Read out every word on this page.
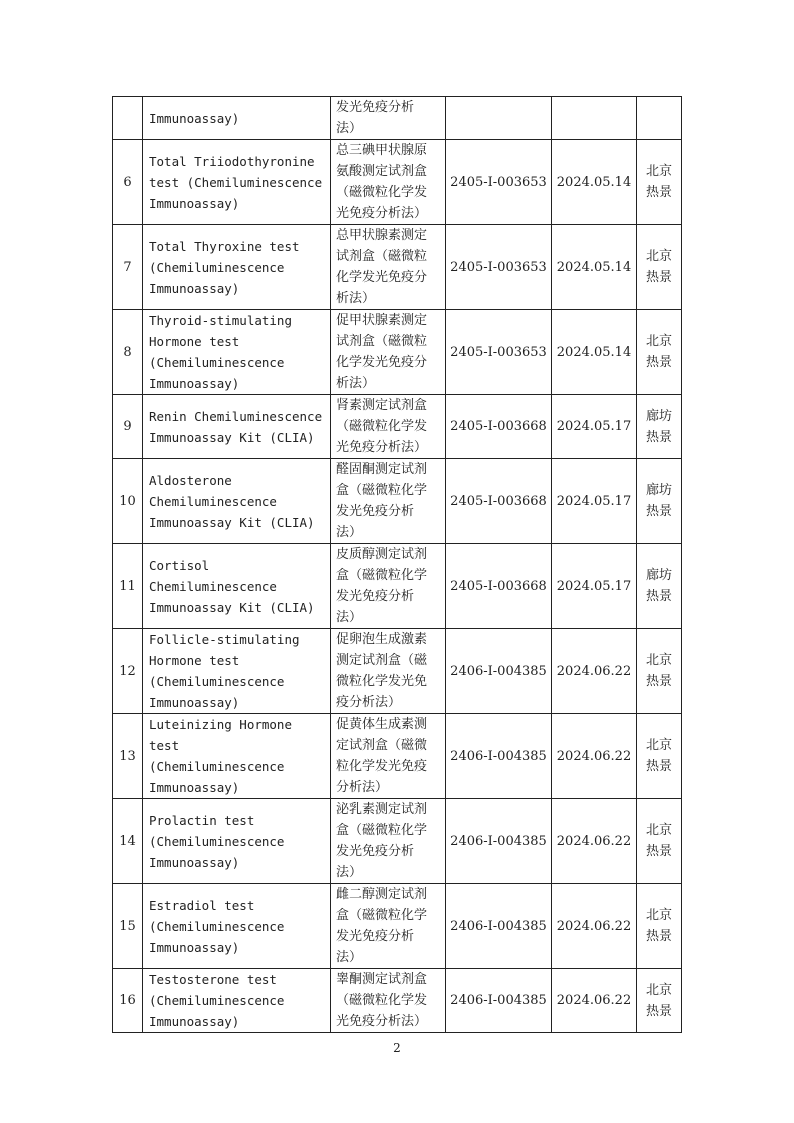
	Immunoassay)	发光免疫分析
法）			
6	Total Triiodothyronine
test (Chemiluminescence
Immunoassay)	总三碘甲状腺原
氨酸测定试剂盒
（磁微粒化学发
光免疫分析法）	2405-I-003653	2024.05.14	北京
热景
7	Total Thyroxine test
(Chemiluminescence
Immunoassay)	总甲状腺素测定
试剂盒（磁微粒
化学发光免疫分
析法）	2405-I-003653	2024.05.14	北京
热景
8	Thyroid-stimulating
Hormone test
(Chemiluminescence
Immunoassay)	促甲状腺素测定
试剂盒（磁微粒
化学发光免疫分
析法）	2405-I-003653	2024.05.14	北京
热景
9	Renin Chemiluminescence
Immunoassay Kit (CLIA)	肾素测定试剂盒
（磁微粒化学发
光免疫分析法）	2405-I-003668	2024.05.17	廊坊
热景
10	Aldosterone
Chemiluminescence
Immunoassay Kit (CLIA)	醛固酮测定试剂
盒（磁微粒化学
发光免疫分析
法）	2405-I-003668	2024.05.17	廊坊
热景
11	Cortisol
Chemiluminescence
Immunoassay Kit (CLIA)	皮质醇测定试剂
盒（磁微粒化学
发光免疫分析
法）	2405-I-003668	2024.05.17	廊坊
热景
12	Follicle-stimulating
Hormone test
(Chemiluminescence
Immunoassay)	促卵泡生成激素
测定试剂盒（磁
微粒化学发光免
疫分析法）	2406-I-004385	2024.06.22	北京
热景
13	Luteinizing Hormone test
(Chemiluminescence
Immunoassay)	促黄体生成素测
定试剂盒（磁微
粒化学发光免疫
分析法）	2406-I-004385	2024.06.22	北京
热景
14	Prolactin test
(Chemiluminescence
Immunoassay)	泌乳素测定试剂
盒（磁微粒化学
发光免疫分析
法）	2406-I-004385	2024.06.22	北京
热景
15	Estradiol test
(Chemiluminescence
Immunoassay)	雌二醇测定试剂
盒（磁微粒化学
发光免疫分析
法）	2406-I-004385	2024.06.22	北京
热景
16	Testosterone test
(Chemiluminescence
Immunoassay)	睾酮测定试剂盒
（磁微粒化学发
光免疫分析法）	2406-I-004385	2024.06.22	北京
热景
2
